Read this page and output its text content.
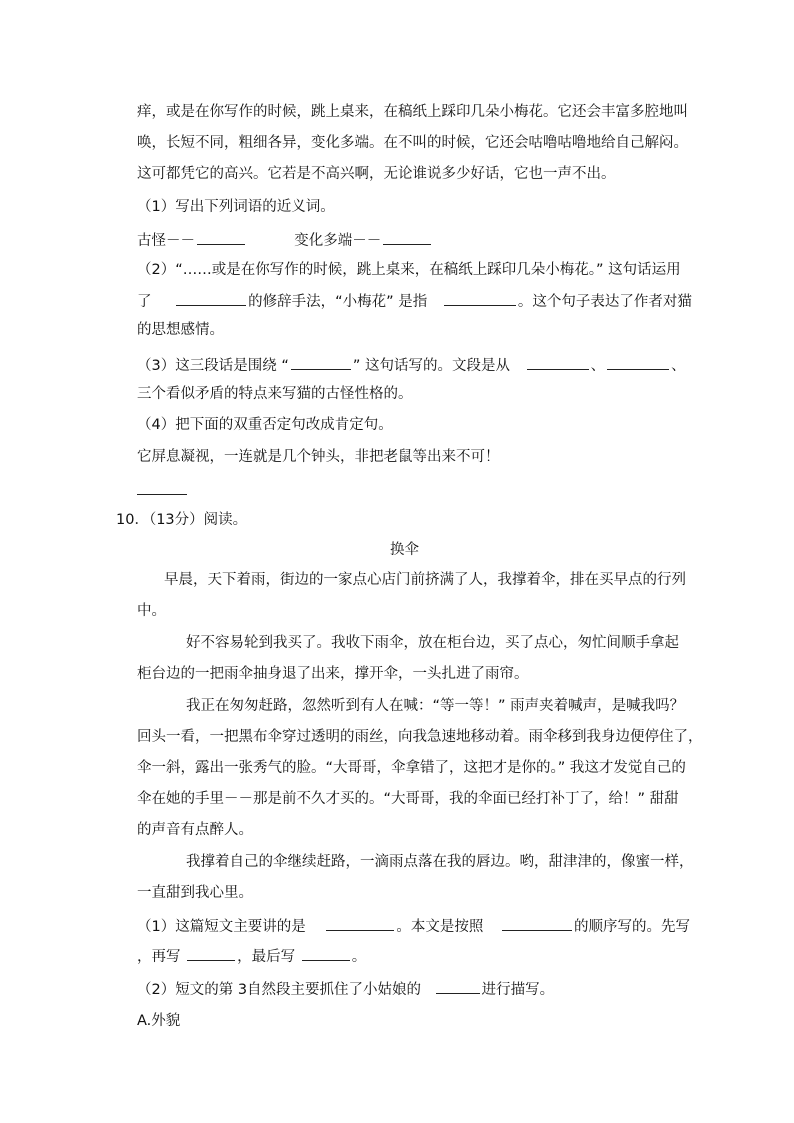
痒，或是在你写作的时候，跳上桌来，在稿纸上踩印几朵小梅花。它还会丰富多腔地叫
唤，长短不同，粗细各异，变化多端。在不叫的时候，它还会咕噜咕噜地给自己解闷。
这可都凭它的高兴。它若是不高兴啊，无论谁说多少好话，它也一声不出。
（1）写出下列词语的近义词。
古怪－－	变化多端－－
（2）“……或是在你写作的时候，跳上桌来，在稿纸上踩印几朵小梅花。” 这句话运用
了	的修辞手法，“小梅花” 是指	。这个句子表达了作者对猫
的思想感情。
（3）这三段话是围绕 “	” 这句话写的。文段是从	、	、
三个看似矛盾的特点来写猫的古怪性格的。
（4）把下面的双重否定句改成肯定句。
它屏息凝视，一连就是几个钟头，非把老鼠等出来不可！
10．（13分）阅读。
换伞
早晨，天下着雨，街边的一家点心店门前挤满了人，我撑着伞，排在买早点的行列
中。
好不容易轮到我买了。我收下雨伞，放在柜台边，买了点心，匆忙间顺手拿起
柜台边的一把雨伞抽身退了出来，撑开伞，一头扎进了雨帘。
我正在匆匆赶路，忽然听到有人在喊：“等一等！” 雨声夹着喊声，是喊我吗？
回头一看，一把黑布伞穿过透明的雨丝，向我急速地移动着。雨伞移到我身边便停住了，
伞一斜，露出一张秀气的脸。“大哥哥，伞拿错了，这把才是你的。” 我这才发觉自己的
伞在她的手里－－那是前不久才买的。“大哥哥，我的伞面已经打补丁了，给！” 甜甜
的声音有点醉人。
我撑着自己的伞继续赶路，一滴雨点落在我的唇边。哟，甜津津的，像蜜一样，
一直甜到我心里。
（1）这篇短文主要讲的是	。本文是按照	的顺序写的。先写
，再写	，最后写	。
（2）短文的第 3自然段主要抓住了小姑娘的	进行描写。
A.外貌
